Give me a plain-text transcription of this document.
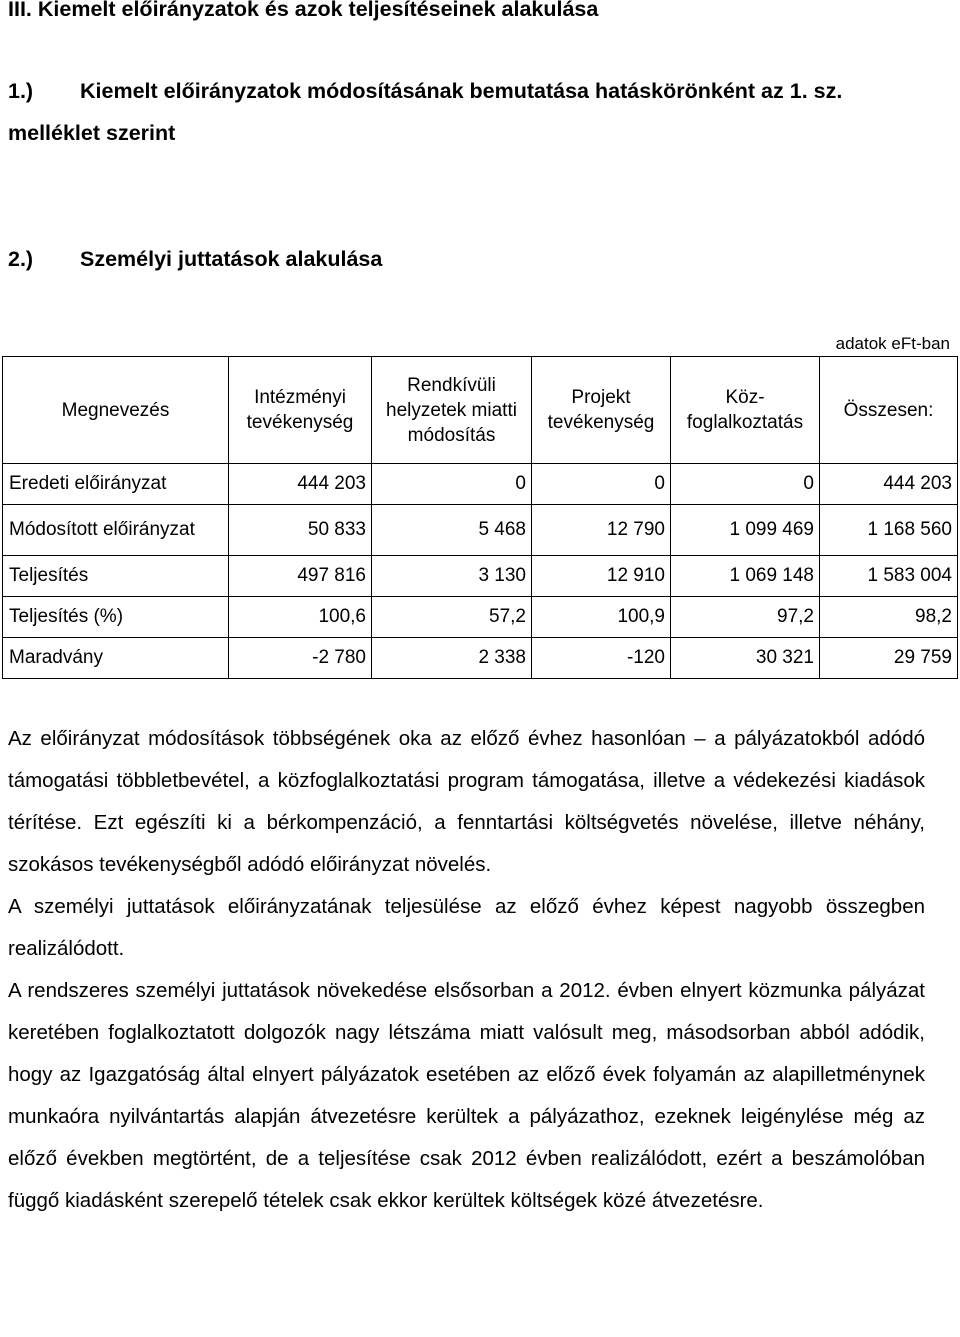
III. Kiemelt előirányzatok és azok teljesítéseinek alakulása
1.) Kiemelt előirányzatok módosításának bemutatása hatáskörönként az 1. sz. melléklet szerint
2.) Személyi juttatások alakulása
adatok eFt-ban
Megnevezés	Intézményi tevékenység	Rendkívüli helyzetek miatti módosítás	Projekt tevékenység	Köz-foglalkoztatás	Összesen:
Eredeti előirányzat	444 203	0	0	0	444 203
Módosított előirányzat	50 833	5 468	12 790	1 099 469	1 168 560
Teljesítés	497 816	3 130	12 910	1 069 148	1 583 004
Teljesítés (%)	100,6	57,2	100,9	97,2	98,2
Maradvány	-2 780	2 338	-120	30 321	29 759

Az előirányzat módosítások többségének oka az előző évhez hasonlóan – a pályázatokból adódó támogatási többletbevétel, a közfoglalkoztatási program támogatása, illetve a védekezési kiadások térítése. Ezt egészíti ki a bérkompenzáció, a fenntartási költségvetés növelése, illetve néhány, szokásos tevékenységből adódó előirányzat növelés.

A személyi juttatások előirányzatának teljesülése az előző évhez képest nagyobb összegben realizálódott.

A rendszeres személyi juttatások növekedése elsősorban a 2012. évben elnyert közmunka pályázat keretében foglalkoztatott dolgozók nagy létszáma miatt valósult meg, másodsorban abból adódik, hogy az Igazgatóság által elnyert pályázatok esetében az előző évek folyamán az alapilletménynek munkaóra nyilvántartás alapján átvezetésre kerültek a pályázathoz, ezeknek leigénylése még az előző években megtörtént, de a teljesítése csak 2012 évben realizálódott, ezért a beszámolóban függő kiadásként szerepelő tételek csak ekkor kerültek költségek közé átvezetésre.
